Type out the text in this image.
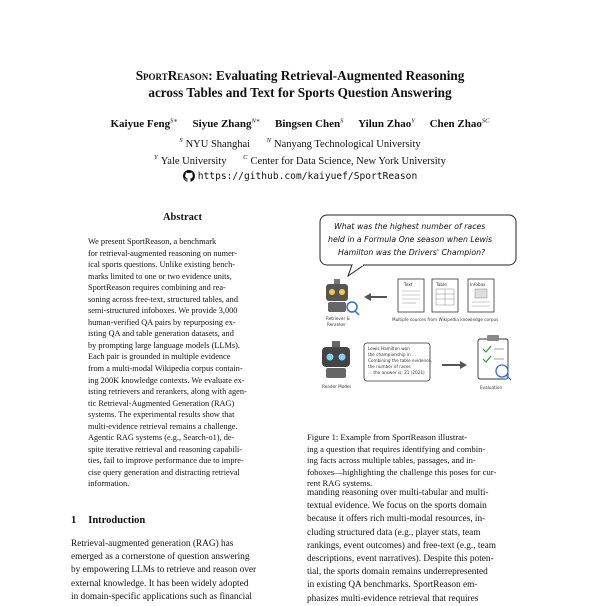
SportReason: Evaluating Retrieval-Augmented Reasoning
across Tables and Text for Sports Question Answering
Kaiyue Feng$^{S∗}$ Siyue Zhang$^{N∗}$ Bingsen Chen$^S$ Yilun Zhao$^Y$ Chen Zhao$^{SC}$
$^S$ NYU Shanghai	$^N$ Nanyang Technological University
$^Y$ Yale University	$^C$ Center for Data Science, New York University
https://github.com/kaiyuef/SportReason
Abstract
We present SportReason, a benchmark
for retrieval-augmented reasoning on numer-
ical sports questions. Unlike existing bench-
marks limited to one or two evidence units,
SportReason requires combining and rea-
soning across free-text, structured tables, and
semi-structured infoboxes. We provide 3,000
human-verified QA pairs by repurposing ex-
isting QA and table generation datasets, and
by prompting large language models (LLMs).
Each pair is grounded in multiple evidence
from a multi-modal Wikipedia corpus contain-
ing 200K knowledge contexts. We evaluate ex-
isting retrievers and rerankers, along with agen-
tic Retrieval-Augmented Generation (RAG)
systems. The experimental results show that
multi-evidence retrieval remains a challenge.
Agentic RAG systems (e.g., Search-o1), de-
spite iterative retrieval and reasoning capabili-
ties, fail to improve performance due to impre-
cise query generation and distracting retrieval
information.
1 Introduction
Retrieval-augmented generation (RAG) has
emerged as a cornerstone of question answering
by empowering LLMs to retrieve and reason over
external knowledge. It has been widely adopted
in domain-specific applications such as financial
What was the highest number of races
held in a Formula One season when Lewis
Hamilton was the Drivers' Champion?
Retriever &
Reranker
Text	Table	Infobox
Multiple sources from Wikipedia knowledge corpus
Reader Model
Lewis Hamilton won
the championship in ...
Combining the table evidence,
the number of races
... the answer is: 21 (2021)
Evaluation
Figure 1: Example from SportReason illustrat-
ing a question that requires identifying and combin-
ing facts across multiple tables, passages, and in-
foboxes—highlighting the challenge this poses for cur-
rent RAG systems.
manding reasoning over multi-tabular and multi-
textual evidence. We focus on the sports domain
because it offers rich multi-modal resources, in-
cluding structured data (e.g., player stats, team
rankings, event outcomes) and free-text (e.g., team
descriptions, event narratives). Despite this poten-
tial, the sports domain remains underrepresented
in existing QA benchmarks. SportReason em-
phasizes multi-evidence retrieval that requires
